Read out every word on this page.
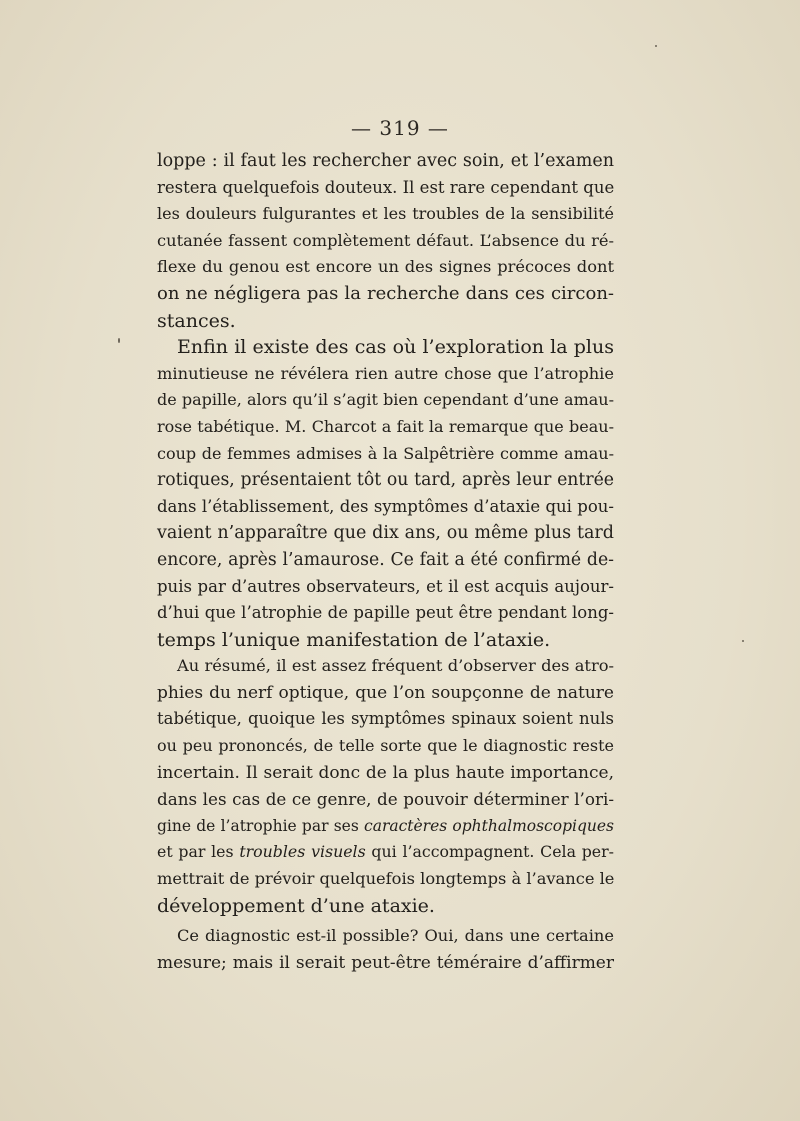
— 319 —
loppe : il faut les rechercher avec soin, et l’examen
restera quelquefois douteux. Il est rare cependant que
les douleurs fulgurantes et les troubles de la sensibilité
cutanée fassent complètement défaut. L’absence du ré-
flexe du genou est encore un des signes précoces dont
on ne négligera pas la recherche dans ces circon-
stances.
Enfin il existe des cas où l’exploration la plus
minutieuse ne révélera rien autre chose que l’atrophie
de papille, alors qu’il s’agit bien cependant d’une amau-
rose tabétique. M. Charcot a fait la remarque que beau-
coup de femmes admises à la Salpêtrière comme amau-
rotiques, présentaient tôt ou tard, après leur entrée
dans l’établissement, des symptômes d’ataxie qui pou-
vaient n’apparaître que dix ans, ou même plus tard
encore, après l’amaurose. Ce fait a été confirmé de-
puis par d’autres observateurs, et il est acquis aujour-
d’hui que l’atrophie de papille peut être pendant long-
temps l’unique manifestation de l’ataxie.
Au résumé, il est assez fréquent d’observer des atro-
phies du nerf optique, que l’on soupçonne de nature
tabétique, quoique les symptômes spinaux soient nuls
ou peu prononcés, de telle sorte que le diagnostic reste
incertain. Il serait donc de la plus haute importance,
dans les cas de ce genre, de pouvoir déterminer l’ori-
gine de l’atrophie par ses caractères ophthalmoscopiques
et par les troubles visuels qui l’accompagnent. Cela per-
mettrait de prévoir quelquefois longtemps à l’avance le
développement d’une ataxie.
Ce diagnostic est-il possible? Oui, dans une certaine
mesure; mais il serait peut-être téméraire d’affirmer
